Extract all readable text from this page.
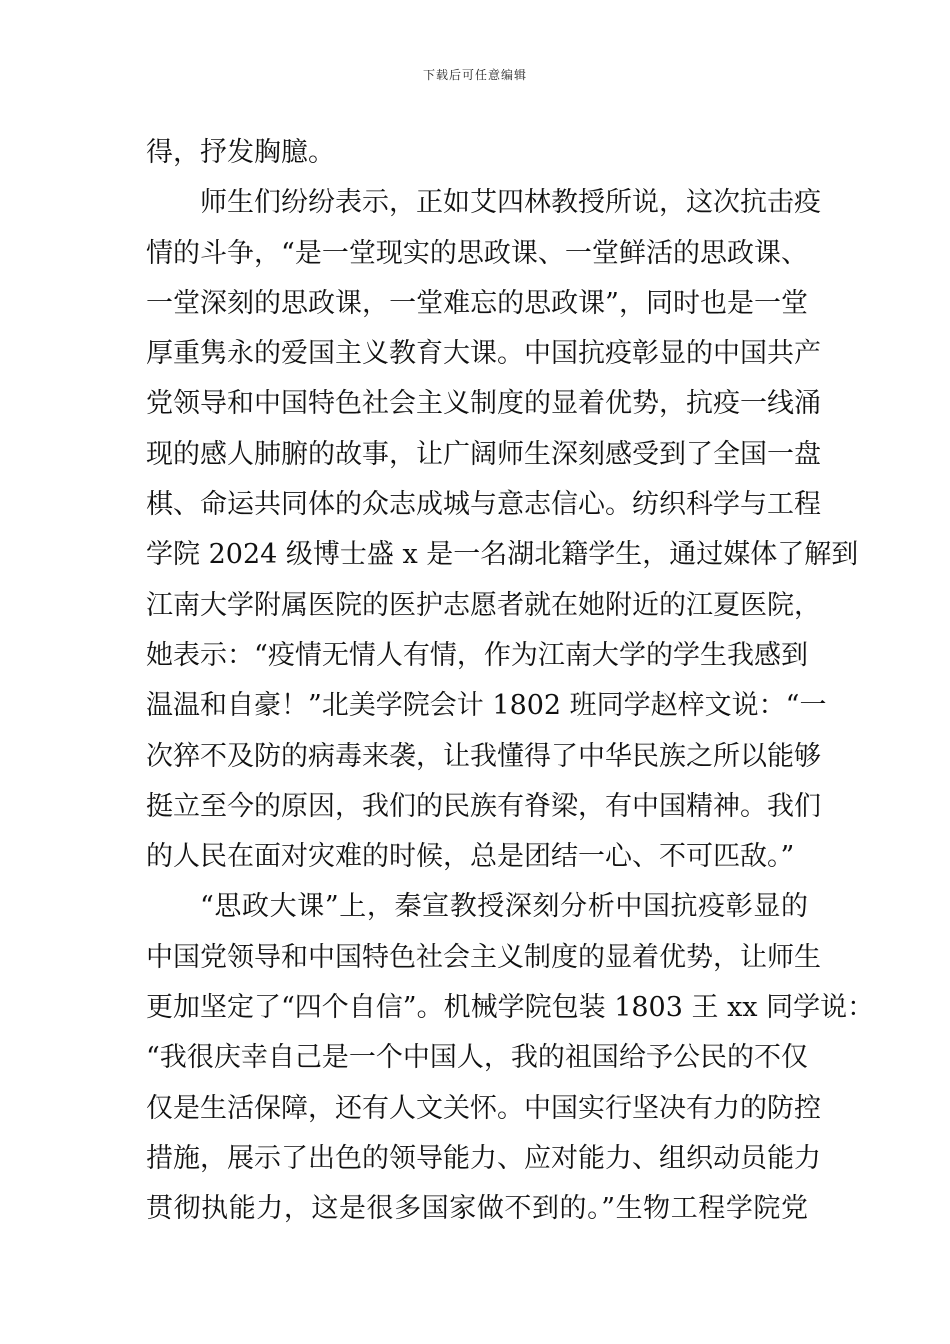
下载后可任意编辑
得，抒发胸臆。
师生们纷纷表示，正如艾四林教授所说，这次抗击疫
情的斗争，“是一堂现实的思政课、一堂鲜活的思政课、
一堂深刻的思政课，一堂难忘的思政课”，同时也是一堂
厚重隽永的爱国主义教育大课。中国抗疫彰显的中国共产
党领导和中国特色社会主义制度的显着优势，抗疫一线涌
现的感人肺腑的故事，让广阔师生深刻感受到了全国一盘
棋、命运共同体的众志成城与意志信心。纺织科学与工程
学院 2024 级博士盛 x 是一名湖北籍学生，通过媒体了解到
江南大学附属医院的医护志愿者就在她附近的江夏医院，
她表示：“疫情无情人有情，作为江南大学的学生我感到
温温和自豪！”北美学院会计 1802 班同学赵梓文说：“一
次猝不及防的病毒来袭，让我懂得了中华民族之所以能够
挺立至今的原因，我们的民族有脊梁，有中国精神。我们
的人民在面对灾难的时候，总是团结一心、不可匹敌。”
“思政大课”上，秦宣教授深刻分析中国抗疫彰显的
中国党领导和中国特色社会主义制度的显着优势，让师生
更加坚定了“四个自信”。机械学院包装 1803 王 xx 同学说：
“我很庆幸自己是一个中国人，我的祖国给予公民的不仅
仅是生活保障，还有人文关怀。中国实行坚决有力的防控
措施，展示了出色的领导能力、应对能力、组织动员能力
贯彻执能力，这是很多国家做不到的。”生物工程学院党
